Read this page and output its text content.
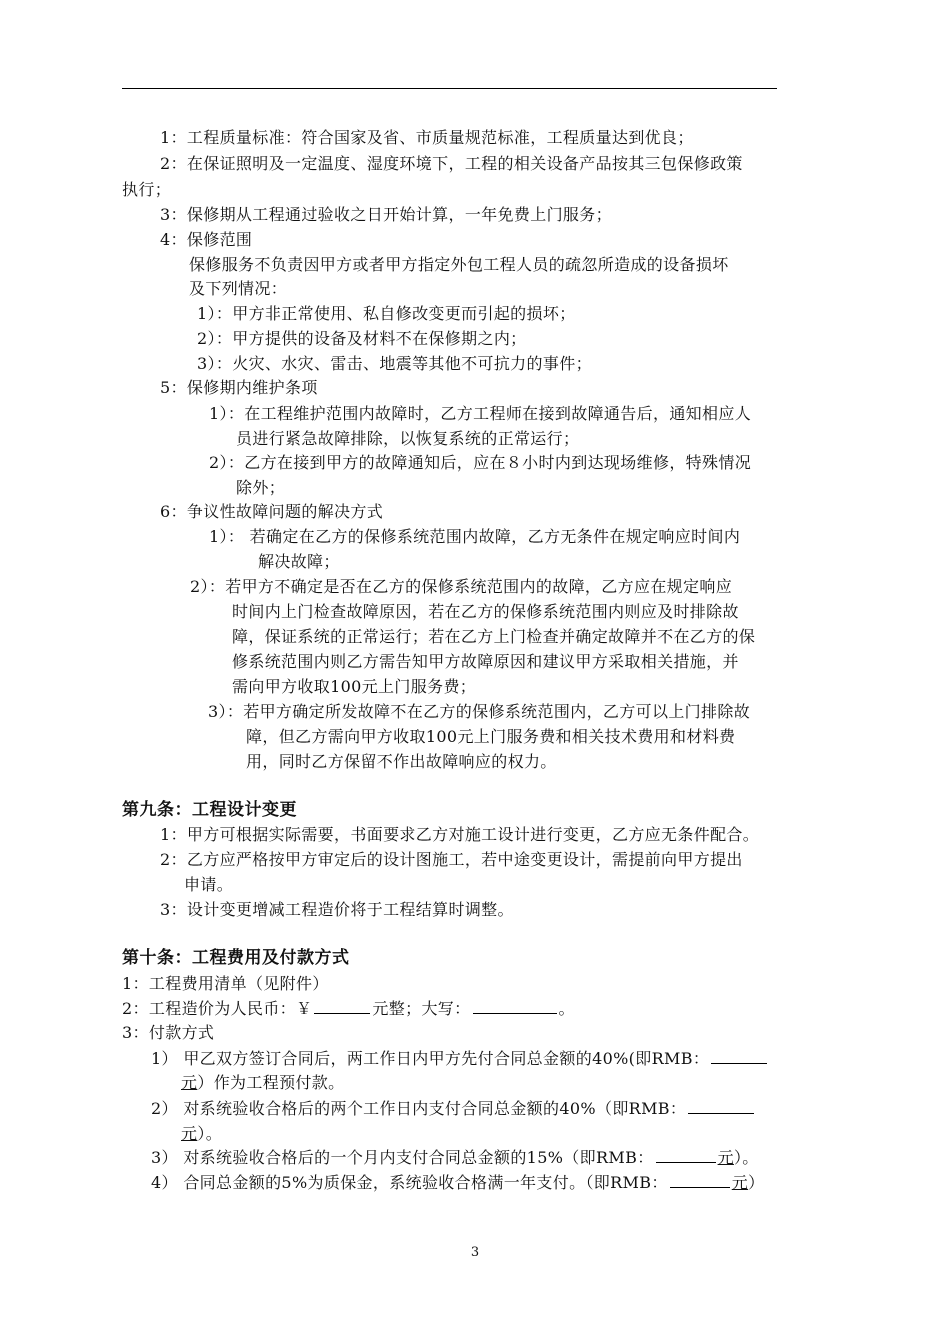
1：工程质量标准：符合国家及省、市质量规范标准，工程质量达到优良；
2：在保证照明及一定温度、湿度环境下，工程的相关设备产品按其三包保修政策
执行；
3：保修期从工程通过验收之日开始计算，一年免费上门服务；
4：保修范围
保修服务不负责因甲方或者甲方指定外包工程人员的疏忽所造成的设备损坏
及下列情况：
1）：甲方非正常使用、私自修改变更而引起的损坏；
2）：甲方提供的设备及材料不在保修期之内；
3）：火灾、水灾、雷击、地震等其他不可抗力的事件；
5：保修期内维护条项
1）：在工程维护范围内故障时，乙方工程师在接到故障通告后，通知相应人
员进行紧急故障排除，以恢复系统的正常运行；
2）：乙方在接到甲方的故障通知后，应在８小时内到达现场维修，特殊情况
除外；
6：争议性故障问题的解决方式
1）： 若确定在乙方的保修系统范围内故障，乙方无条件在规定响应时间内
解决故障；
2）：若甲方不确定是否在乙方的保修系统范围内的故障，乙方应在规定响应
时间内上门检查故障原因，若在乙方的保修系统范围内则应及时排除故
障，保证系统的正常运行；若在乙方上门检查并确定故障并不在乙方的保
修系统范围内则乙方需告知甲方故障原因和建议甲方采取相关措施，并
需向甲方收取100元上门服务费；
3）：若甲方确定所发故障不在乙方的保修系统范围内，乙方可以上门排除故
障，但乙方需向甲方收取100元上门服务费和相关技术费用和材料费
用，同时乙方保留不作出故障响应的权力。
第九条：工程设计变更
1：甲方可根据实际需要，书面要求乙方对施工设计进行变更，乙方应无条件配合。
2：乙方应严格按甲方审定后的设计图施工，若中途变更设计，需提前向甲方提出
申请。
3：设计变更增减工程造价将于工程结算时调整。
第十条：工程费用及付款方式
1：工程费用清单（见附件）
2：工程造价为人民币：￥	元整；大写：	。
3：付款方式
1） 甲乙双方签订合同后，两工作日内甲方先付合同总金额的40%(即RMB：
元）作为工程预付款。
2） 对系统验收合格后的两个工作日内支付合同总金额的40%（即RMB：
元）。
3） 对系统验收合格后的一个月内支付合同总金额的15%（即RMB：	元）。
4） 合同总金额的5%为质保金，系统验收合格满一年支付。（即RMB：	元）
3
